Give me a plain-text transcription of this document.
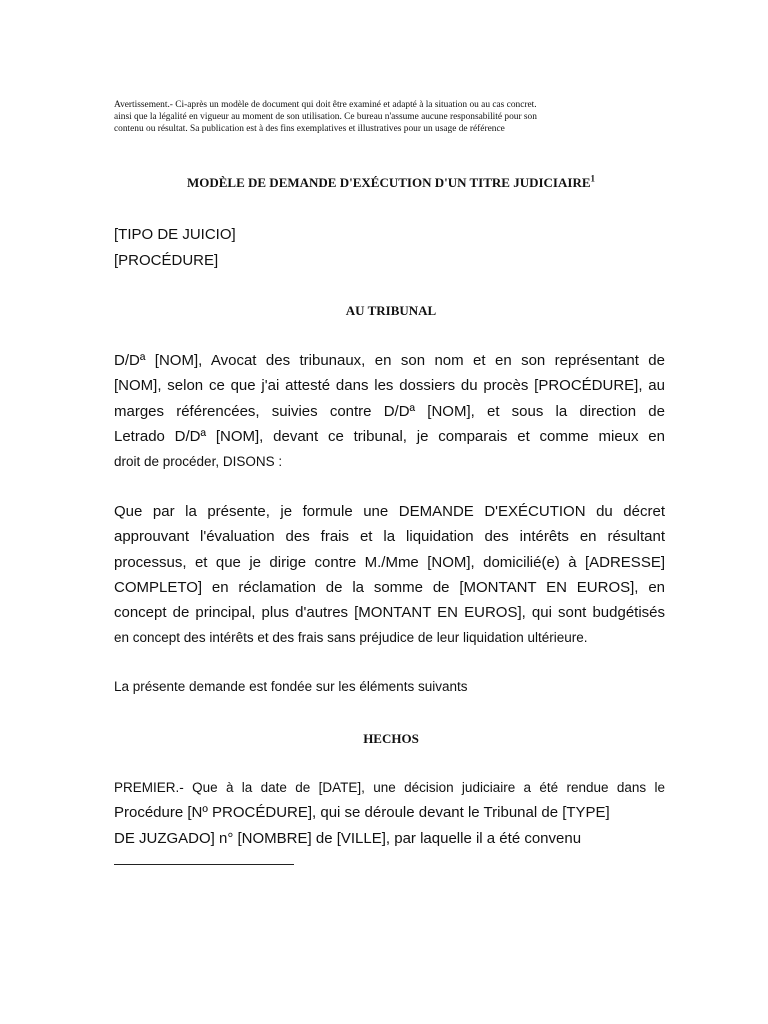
Avertissement.- Ci-après un modèle de document qui doit être examiné et adapté à la situation ou au cas concret.
ainsi que la légalité en vigueur au moment de son utilisation. Ce bureau n'assume aucune responsabilité pour son
contenu ou résultat. Sa publication est à des fins exemplatives et illustratives pour un usage de référence
MODÈLE DE DEMANDE D'EXÉCUTION D'UN TITRE JUDICIAIRE$^1$
[TIPO DE JUICIO]
[PROCÉDURE]
AU TRIBUNAL
D/Dª [NOM], Avocat des tribunaux, en son nom et en son représentant de
[NOM], selon ce que j'ai attesté dans les dossiers du procès [PROCÉDURE], au
marges référencées, suivies contre D/Dª [NOM], et sous la direction de
Letrado D/Dª [NOM], devant ce tribunal, je comparais et comme mieux en
droit de procéder, DISONS :
Que par la présente, je formule une DEMANDE D'EXÉCUTION du décret
approuvant l'évaluation des frais et la liquidation des intérêts en résultant
processus, et que je dirige contre M./Mme [NOM], domicilié(e) à [ADRESSE]
COMPLETO] en réclamation de la somme de [MONTANT EN EUROS], en
concept de principal, plus d'autres [MONTANT EN EUROS], qui sont budgétisés
en concept des intérêts et des frais sans préjudice de leur liquidation ultérieure.
La présente demande est fondée sur les éléments suivants
HECHOS
PREMIER.- Que à la date de [DATE], une décision judiciaire a été rendue dans le
Procédure [Nº PROCÉDURE], qui se déroule devant le Tribunal de [TYPE]
DE JUZGADO] n° [NOMBRE] de [VILLE], par laquelle il a été convenu
